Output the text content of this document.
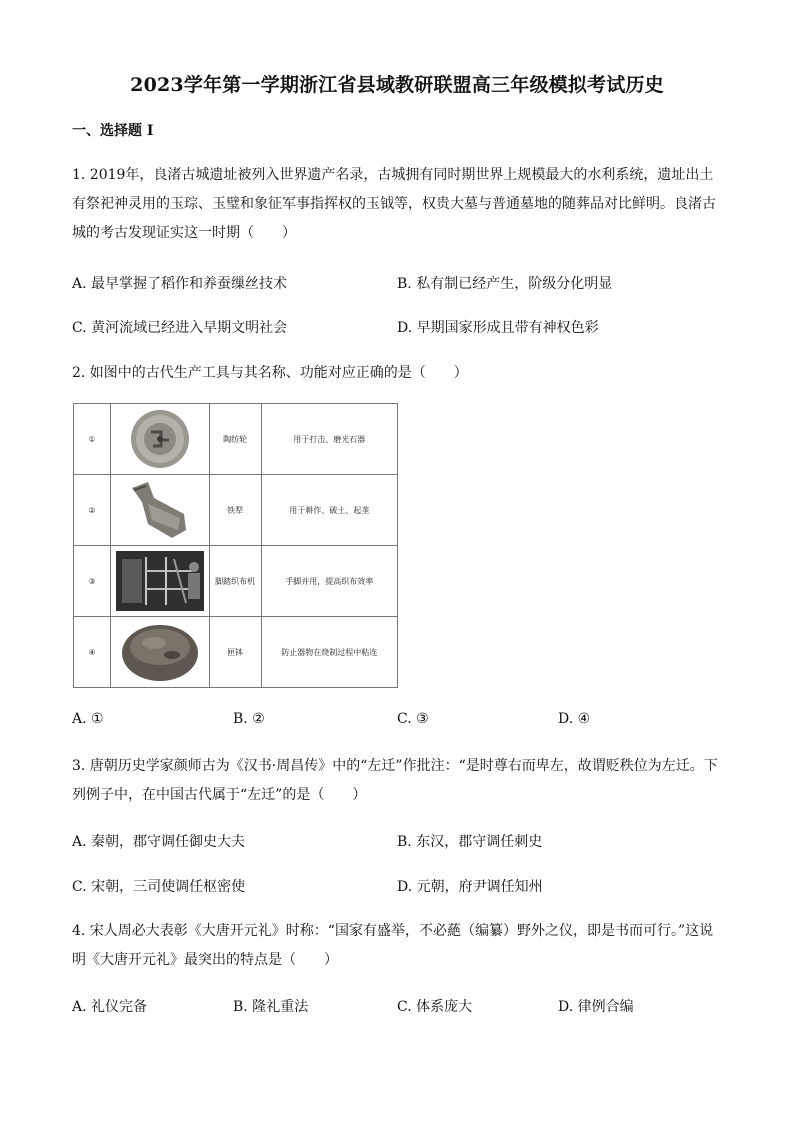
2023学年第一学期浙江省县域教研联盟高三年级模拟考试历史
一、选择题 I
1. 2019年，良渚古城遗址被列入世界遗产名录，古城拥有同时期世界上规模最大的水利系统，遗址出土有祭祀神灵用的玉琮、玉璧和象征军事指挥权的玉钺等，权贵大墓与普通墓地的随葬品对比鲜明。良渚古城的考古发现证实这一时期（　　）
A. 最早掌握了稻作和养蚕缫丝技术	B. 私有制已经产生，阶级分化明显
C. 黄河流域已经进入早期文明社会	D. 早期国家形成且带有神权色彩
2. 如图中的古代生产工具与其名称、功能对应正确的是（　　）
①		陶纺轮	用于打击、磨光石器
②		铁犁	用于耕作、破土、起垄
③		脚踏织布机	手脚并用，提高织布效率
④		匣钵	防止器物在烧制过程中粘连
A. ①	B. ②	C. ③	D. ④
3. 唐朝历史学家颜师古为《汉书·周昌传》中的“左迁”作批注：“是时尊右而卑左，故谓贬秩位为左迁。下列例子中，在中国古代属于“左迁”的是（　　）
A. 秦朝，郡守调任御史大夫	B. 东汉，郡守调任刺史
C. 宋朝，三司使调任枢密使	D. 元朝，府尹调任知州
4. 宋人周必大表彰《大唐开元礼》时称：“国家有盛举，不必蕝（编纂）野外之仪，即是书而可行。”这说明《大唐开元礼》最突出的特点是（　　）
A. 礼仪完备	B. 隆礼重法	C. 体系庞大	D. 律例合编
